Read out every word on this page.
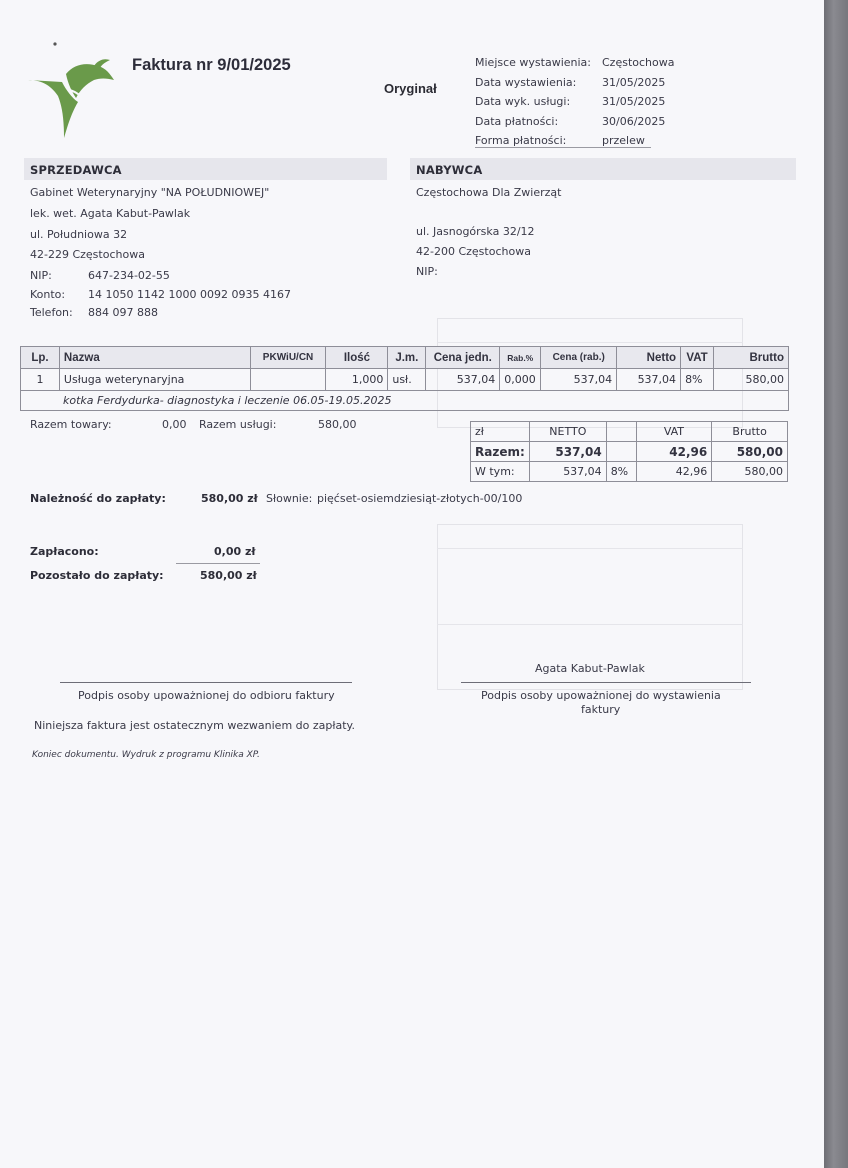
Faktura nr 9/01/2025
Oryginał
Miejsce wystawienia: Częstochowa
Data wystawienia: 31/05/2025
Data wyk. usługi:	31/05/2025
Data płatności:	30/06/2025
Forma płatności:	przelew
SPRZEDAWCA	NABYWCA
Gabinet Weterynaryjny "NA POŁUDNIOWEJ"
lek. wet. Agata Kabut-Pawlak
ul. Południowa 32
42-229 Częstochowa
NIP:	647-234-02-55
Konto: 14 1050 1142 1000 0092 0935 4167
Telefon: 884 097 888
Częstochowa Dla Zwierząt
ul. Jasnogórska 32/12
42-200 Częstochowa
NIP:
Lp.	Nazwa	PKWiU/CN	Ilość	J.m.	Cena jedn.	Rab.%	Cena (rab.)	Netto	VAT	Brutto
1	Usługa weterynaryjna		1,000	usł.	537,04	0,000	537,04	537,04	8%	580,00
kotka Ferdydurka- diagnostyka i leczenie 06.05-19.05.2025										
Razem towary:	0,00 Razem usługi:	580,00
zł	NETTO		VAT	Brutto
Razem:	537,04		42,96	580,00
W tym:	537,04	8%	42,96	580,00
Należność do zapłaty:	580,00 zł Słownie: pięćset-osiemdziesiąt-złotych-00/100
Zapłacono:	0,00 zł
Pozostało do zapłaty:	580,00 zł
Agata Kabut-Pawlak
Podpis osoby upoważnionej do odbioru faktury	Podpis osoby upoważnionej do wystawienia
faktury
Niniejsza faktura jest ostatecznym wezwaniem do zapłaty.
Koniec dokumentu. Wydruk z programu Klinika XP.
